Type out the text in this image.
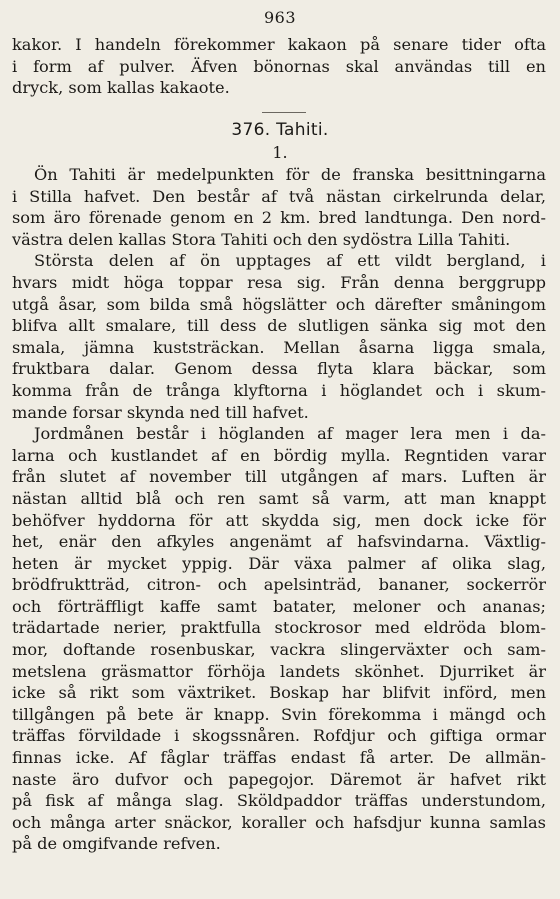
963
kakor. I handeln förekommer kakaon på senare tider ofta
i form af pulver. Äfven bönornas skal användas till en
dryck, som kallas kakaote.
376. Tahiti.
1.
Ön Tahiti är medelpunkten för de franska besittningarna
i Stilla hafvet. Den består af två nästan cirkelrunda delar,
som äro förenade genom en 2 km. bred landtunga. Den nord-
västra delen kallas Stora Tahiti och den sydöstra Lilla Tahiti.
Största delen af ön upptages af ett vildt bergland, i
hvars midt höga toppar resa sig. Från denna berggrupp
utgå åsar, som bilda små högslätter och därefter småningom
blifva allt smalare, till dess de slutligen sänka sig mot den
smala, jämna kuststräckan. Mellan åsarna ligga smala,
fruktbara dalar. Genom dessa flyta klara bäckar, som
komma från de trånga klyftorna i höglandet och i skum-
mande forsar skynda ned till hafvet.
Jordmånen består i höglanden af mager lera men i da-
larna och kustlandet af en bördig mylla. Regntiden varar
från slutet af november till utgången af mars. Luften är
nästan alltid blå och ren samt så varm, att man knappt
behöfver hyddorna för att skydda sig, men dock icke för
het, enär den afkyles angenämt af hafsvindarna. Växtlig-
heten är mycket yppig. Där växa palmer af olika slag,
brödfruktträd, citron- och apelsinträd, bananer, sockerrör
och förträffligt kaffe samt batater, meloner och ananas;
trädartade nerier, praktfulla stockrosor med eldröda blom-
mor, doftande rosenbuskar, vackra slingerväxter och sam-
metslena gräsmattor förhöja landets skönhet. Djurriket är
icke så rikt som växtriket. Boskap har blifvit införd, men
tillgången på bete är knapp. Svin förekomma i mängd och
träffas förvildade i skogssnåren. Rofdjur och giftiga ormar
finnas icke. Af fåglar träffas endast få arter. De allmän-
naste äro dufvor och papegojor. Däremot är hafvet rikt
på fisk af många slag. Sköldpaddor träffas understundom,
och många arter snäckor, koraller och hafsdjur kunna samlas
på de omgifvande refven.
